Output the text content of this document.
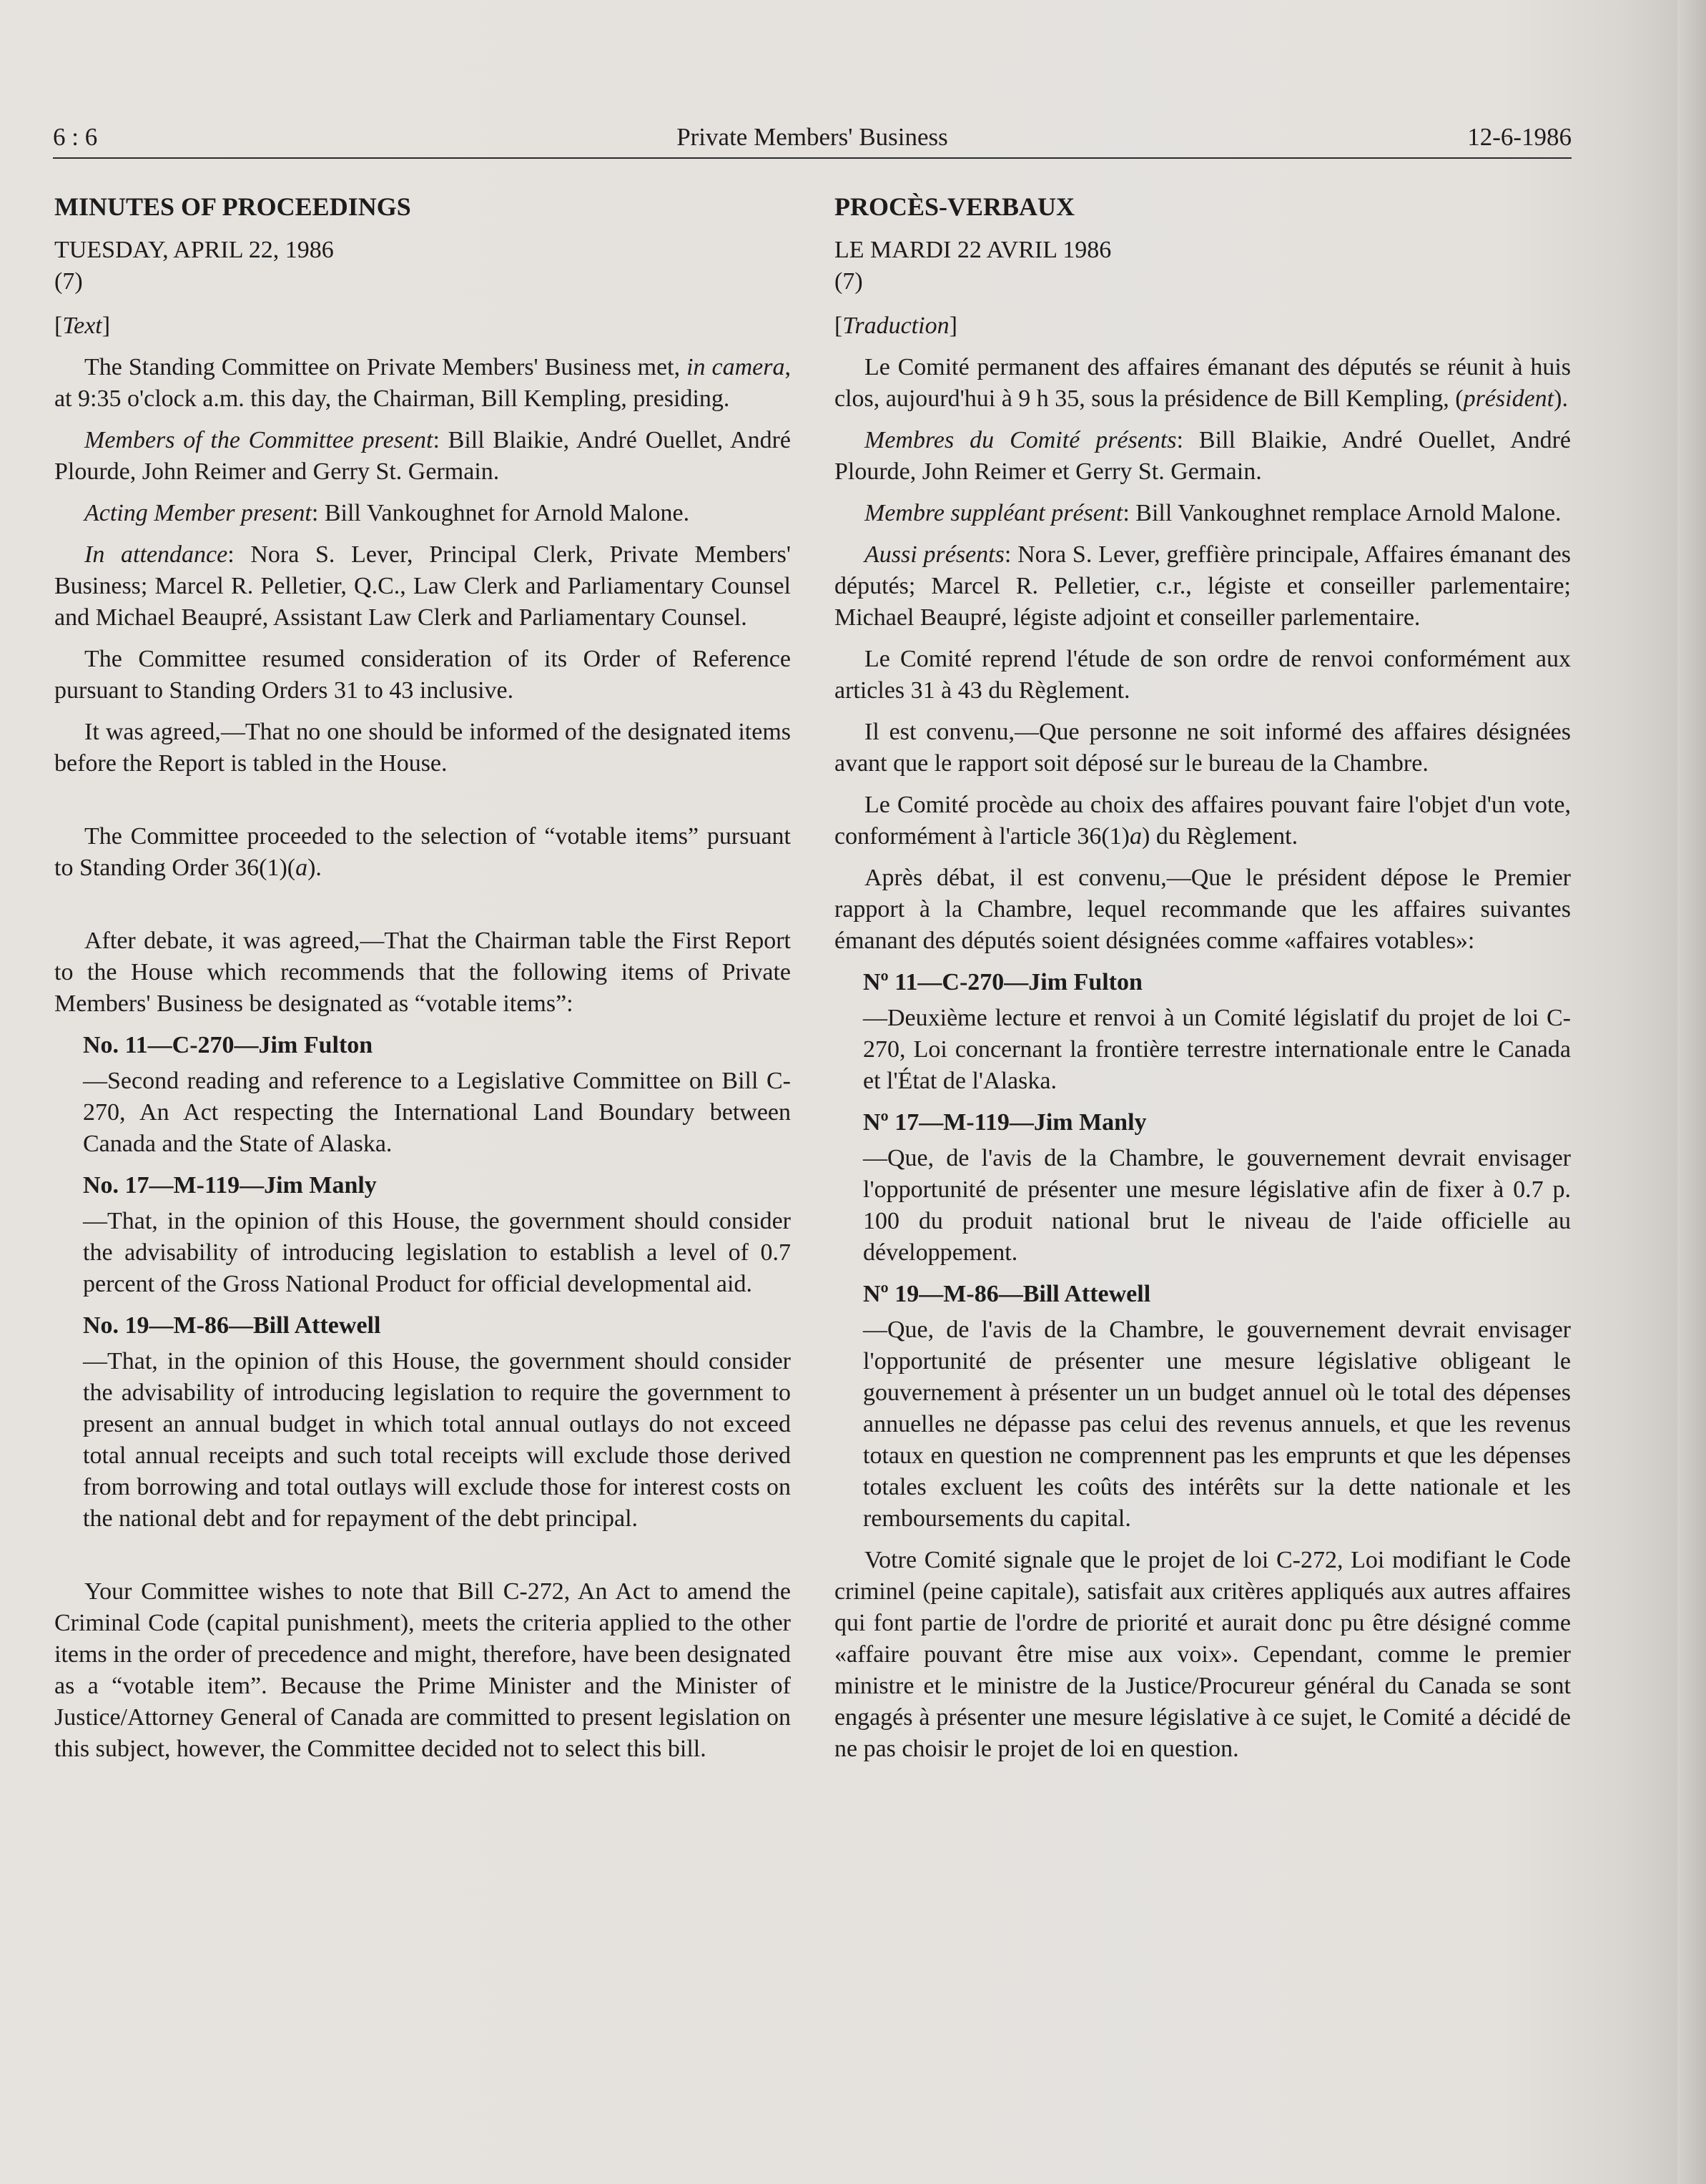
Private Members' Business
6 : 6	12-6-1986
MINUTES OF PROCEEDINGS
TUESDAY, APRIL 22, 1986
(7)
[Text]

The Standing Committee on Private Members' Business met, in camera, at 9:35 o'clock a.m. this day, the Chairman, Bill Kempling, presiding.

Members of the Committee present: Bill Blaikie, André Ouellet, André Plourde, John Reimer and Gerry St. Germain.

Acting Member present: Bill Vankoughnet for Arnold Malone.

In attendance: Nora S. Lever, Principal Clerk, Private Members' Business; Marcel R. Pelletier, Q.C., Law Clerk and Parliamentary Counsel and Michael Beaupré, Assistant Law Clerk and Parliamentary Counsel.

The Committee resumed consideration of its Order of Reference pursuant to Standing Orders 31 to 43 inclusive.

It was agreed,—That no one should be informed of the designated items before the Report is tabled in the House.

The Committee proceeded to the selection of “votable items” pursuant to Standing Order 36(1)(a).

After debate, it was agreed,—That the Chairman table the First Report to the House which recommends that the following items of Private Members' Business be designated as “votable items”:

No. 11—C-270—Jim Fulton
—Second reading and reference to a Legislative Committee on Bill C-270, An Act respecting the International Land Boundary between Canada and the State of Alaska.
No. 17—M-119—Jim Manly
—That, in the opinion of this House, the government should consider the advisability of introducing legislation to establish a level of 0.7 percent of the Gross National Product for official developmental aid.
No. 19—M-86—Bill Attewell
—That, in the opinion of this House, the government should consider the advisability of introducing legislation to require the government to present an annual budget in which total annual outlays do not exceed total annual receipts and such total receipts will exclude those derived from borrowing and total outlays will exclude those for interest costs on the national debt and for repayment of the debt principal.

Your Committee wishes to note that Bill C-272, An Act to amend the Criminal Code (capital punishment), meets the criteria applied to the other items in the order of precedence and might, therefore, have been designated as a “votable item”. Because the Prime Minister and the Minister of Justice/Attorney General of Canada are committed to present legislation on this subject, however, the Committee decided not to select this bill.

PROCÈS-VERBAUX
LE MARDI 22 AVRIL 1986
(7)
[Traduction]

Le Comité permanent des affaires émanant des députés se réunit à huis clos, aujourd'hui à 9 h 35, sous la présidence de Bill Kempling, (président).

Membres du Comité présents: Bill Blaikie, André Ouellet, André Plourde, John Reimer et Gerry St. Germain.

Membre suppléant présent: Bill Vankoughnet remplace Arnold Malone.

Aussi présents: Nora S. Lever, greffière principale, Affaires émanant des députés; Marcel R. Pelletier, c.r., légiste et conseiller parlementaire; Michael Beaupré, légiste adjoint et conseiller parlementaire.

Le Comité reprend l'étude de son ordre de renvoi conformément aux articles 31 à 43 du Règlement.

Il est convenu,—Que personne ne soit informé des affaires désignées avant que le rapport soit déposé sur le bureau de la Chambre.

Le Comité procède au choix des affaires pouvant faire l'objet d'un vote, conformément à l'article 36(1)a) du Règlement.

Après débat, il est convenu,—Que le président dépose le Premier rapport à la Chambre, lequel recommande que les affaires suivantes émanant des députés soient désignées comme «affaires votables»:

Nº 11—C-270—Jim Fulton
—Deuxième lecture et renvoi à un Comité législatif du projet de loi C-270, Loi concernant la frontière terrestre internationale entre le Canada et l'État de l'Alaska.
Nº 17—M-119—Jim Manly
—Que, de l'avis de la Chambre, le gouvernement devrait envisager l'opportunité de présenter une mesure législative afin de fixer à 0.7 p. 100 du produit national brut le niveau de l'aide officielle au développement.
Nº 19—M-86—Bill Attewell
—Que, de l'avis de la Chambre, le gouvernement devrait envisager l'opportunité de présenter une mesure législative obligeant le gouvernement à présenter un un budget annuel où le total des dépenses annuelles ne dépasse pas celui des revenus annuels, et que les revenus totaux en question ne comprennent pas les emprunts et que les dépenses totales excluent les coûts des intérêts sur la dette nationale et les remboursements du capital.

Votre Comité signale que le projet de loi C-272, Loi modifiant le Code criminel (peine capitale), satisfait aux critères appliqués aux autres affaires qui font partie de l'ordre de priorité et aurait donc pu être désigné comme «affaire pouvant être mise aux voix». Cependant, comme le premier ministre et le ministre de la Justice/Procureur général du Canada se sont engagés à présenter une mesure législative à ce sujet, le Comité a décidé de ne pas choisir le projet de loi en question.
